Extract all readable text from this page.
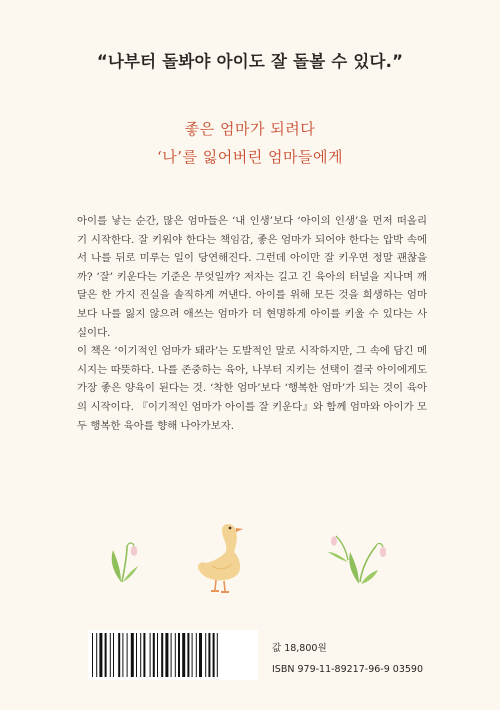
“나부터 돌봐야 아이도 잘 돌볼 수 있다.”
좋은 엄마가 되려다
‘나’를 잃어버린 엄마들에게

아이를 낳는 순간, 많은 엄마들은 ‘내 인생’보다 ‘아이의 인생’을 먼저 떠올리기 시작한다. 잘 키워야 한다는 책임감, 좋은 엄마가 되어야 한다는 압박 속에서 나를 뒤로 미루는 일이 당연해진다. 그런데 아이만 잘 키우면 정말 괜찮을까? ‘잘’ 키운다는 기준은 무엇일까? 저자는 길고 긴 육아의 터널을 지나며 깨달은 한 가지 진실을 솔직하게 꺼낸다. 아이를 위해 모든 것을 희생하는 엄마보다 나를 잃지 않으려 애쓰는 엄마가 더 현명하게 아이를 키울 수 있다는 사실이다.

이 책은 ‘이기적인 엄마가 돼라’는 도발적인 말로 시작하지만, 그 속에 담긴 메시지는 따뜻하다. 나를 존중하는 육아, 나부터 지키는 선택이 결국 아이에게도 가장 좋은 양육이 된다는 것. ‘착한 엄마’보다 ‘행복한 엄마’가 되는 것이 육아의 시작이다. 『이기적인 엄마가 아이를 잘 키운다』와 함께 엄마와 아이가 모두 행복한 육아를 향해 나아가보자.

값 18,800원
ISBN 979-11-89217-96-9 03590
